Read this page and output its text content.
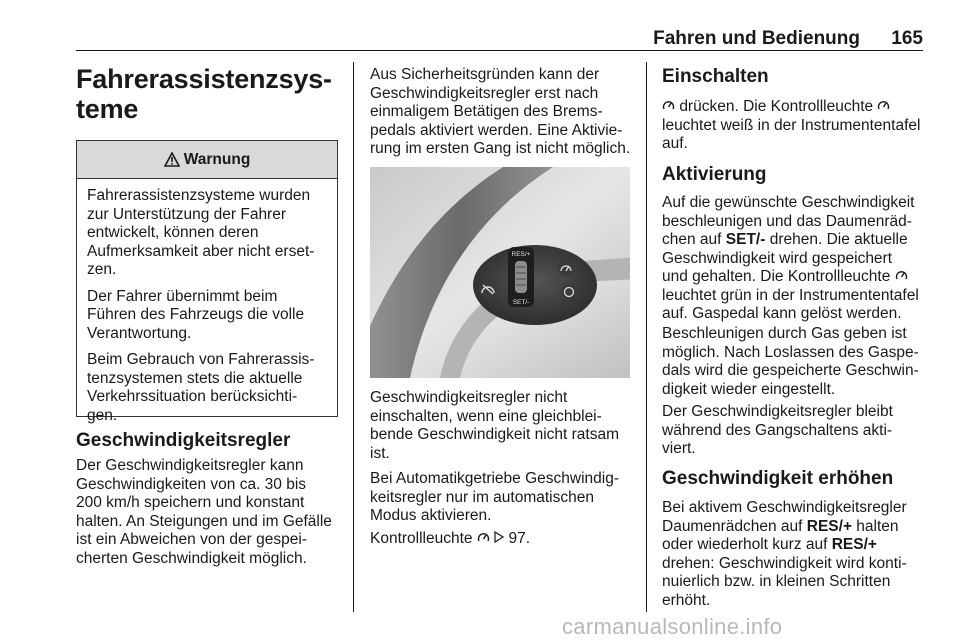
Fahren und Bedienung 165
Fahrerassistenzsys-
teme
Warnung

Fahrerassistenzsysteme wurden
zur Unterstützung der Fahrer
entwickelt, können deren
Aufmerksamkeit aber nicht erset-
zen.

Der Fahrer übernimmt beim
Führen des Fahrzeugs die volle
Verantwortung.

Beim Gebrauch von Fahrerassis-
tenzsystemen stets die aktuelle
Verkehrssituation berücksichti-
gen.

Geschwindigkeitsregler
Der Geschwindigkeitsregler kann
Geschwindigkeiten von ca. 30 bis
200 km/h speichern und konstant
halten. An Steigungen und im Gefälle
ist ein Abweichen von der gespei-
cherten Geschwindigkeit möglich.
Aus Sicherheitsgründen kann der
Geschwindigkeitsregler erst nach
einmaligem Betätigen des Brems-
pedals aktiviert werden. Eine Aktivie-
rung im ersten Gang ist nicht möglich.
RES/+
SET/-
Geschwindigkeitsregler nicht
einschalten, wenn eine gleichblei-
bende Geschwindigkeit nicht ratsam
ist.
Bei Automatikgetriebe Geschwindig-
keitsregler nur im automatischen
Modus aktivieren.
Kontrollleuchte   97.
Einschalten
drücken. Die Kontrollleuchte
leuchtet weiß in der Instrumententafel
auf.
Aktivierung
Auf die gewünschte Geschwindigkeit
beschleunigen und das Daumenräd-
chen auf SET/- drehen. Die aktuelle
Geschwindigkeit wird gespeichert
und gehalten. Die Kontrollleuchte
leuchtet grün in der Instrumententafel
auf. Gaspedal kann gelöst werden.
Beschleunigen durch Gas geben ist
möglich. Nach Loslassen des Gaspe-
dals wird die gespeicherte Geschwin-
digkeit wieder eingestellt.
Der Geschwindigkeitsregler bleibt
während des Gangschaltens akti-
viert.
Geschwindigkeit erhöhen
Bei aktivem Geschwindigkeitsregler
Daumenrädchen auf RES/+ halten
oder wiederholt kurz auf RES/+
drehen: Geschwindigkeit wird konti-
nuierlich bzw. in kleinen Schritten
erhöht.
carmanualsonline.info
